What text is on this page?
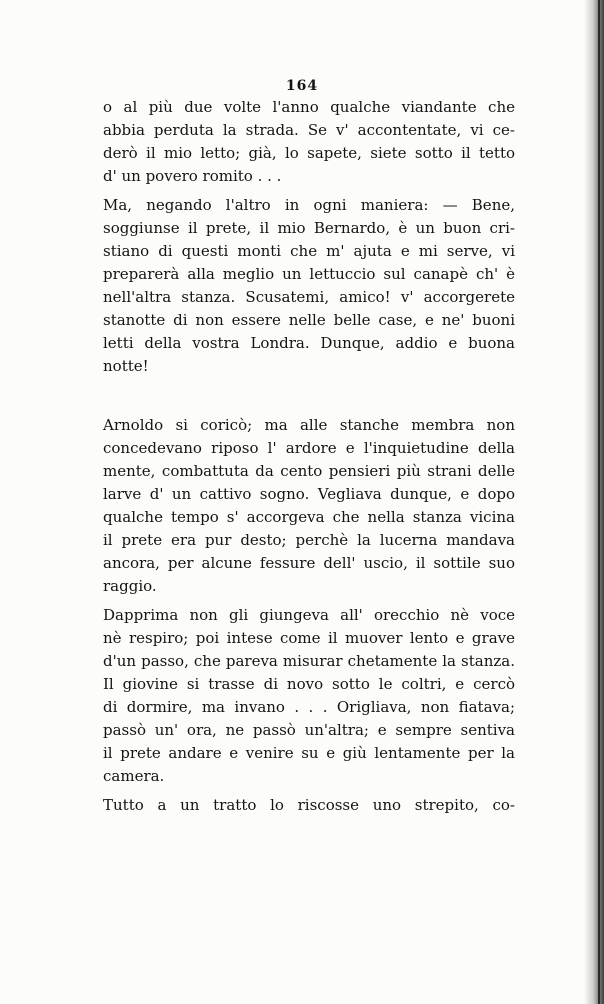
164
o al più due volte l'anno qualche viandante che
abbia perduta la strada. Se v' accontentate, vi ce-
derò il mio letto; già, lo sapete, siete sotto il tetto
d' un povero romito . . .
Ma, negando l'altro in ogni maniera: — Bene,
soggiunse il prete, il mio Bernardo, è un buon cri-
stiano di questi monti che m' ajuta e mi serve, vi
preparerà alla meglio un lettuccio sul canapè ch' è
nell'altra stanza. Scusatemi, amico! v' accorgerete
stanotte di non essere nelle belle case, e ne' buoni
letti della vostra Londra. Dunque, addio e buona
notte!
Arnoldo si coricò; ma alle stanche membra non
concedevano riposo l' ardore e l'inquietudine della
mente, combattuta da cento pensieri più strani delle
larve d' un cattivo sogno. Vegliava dunque, e dopo
qualche tempo s' accorgeva che nella stanza vicina
il prete era pur desto; perchè la lucerna mandava
ancora, per alcune fessure dell' uscio, il sottile suo
raggio.
Dapprima non gli giungeva all' orecchio nè voce
nè respiro; poi intese come il muover lento e grave
d'un passo, che pareva misurar chetamente la stanza.
Il giovine si trasse di novo sotto le coltri, e cercò
di dormire, ma invano . . . Origliava, non fiatava;
passò un' ora, ne passò un'altra; e sempre sentiva
il prete andare e venire su e giù lentamente per la
camera.
Tutto a un tratto lo riscosse uno strepito, co-
